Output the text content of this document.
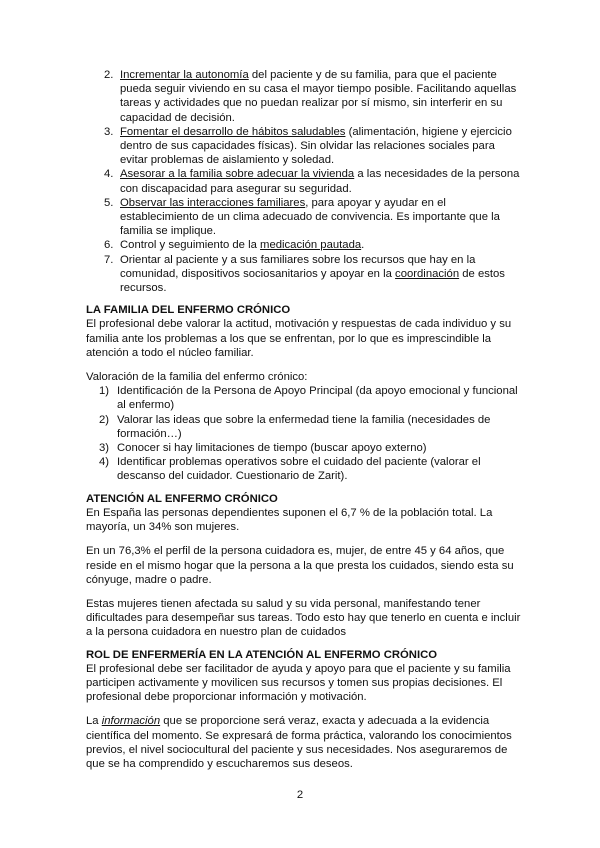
2. Incrementar la autonomía del paciente y de su familia, para que el paciente pueda seguir viviendo en su casa el mayor tiempo posible. Facilitando aquellas tareas y actividades que no puedan realizar por sí mismo, sin interferir en su capacidad de decisión.
3. Fomentar el desarrollo de hábitos saludables (alimentación, higiene y ejercicio dentro de sus capacidades físicas). Sin olvidar las relaciones sociales para evitar problemas de aislamiento y soledad.
4. Asesorar a la familia sobre adecuar la vivienda a las necesidades de la persona con discapacidad para asegurar su seguridad.
5. Observar las interacciones familiares, para apoyar y ayudar en el establecimiento de un clima adecuado de convivencia. Es importante que la familia se implique.
6. Control y seguimiento de la medicación pautada.
7. Orientar al paciente y a sus familiares sobre los recursos que hay en la comunidad, dispositivos sociosanitarios y apoyar en la coordinación de estos recursos.
LA FAMILIA DEL ENFERMO CRÓNICO

El profesional debe valorar la actitud, motivación y respuestas de cada individuo y su familia ante los problemas a los que se enfrentan, por lo que es imprescindible la atención a todo el núcleo familiar.

Valoración de la familia del enfermo crónico:

1) Identificación de la Persona de Apoyo Principal (da apoyo emocional y funcional al enfermo)
2) Valorar las ideas que sobre la enfermedad tiene la familia (necesidades de formación…)
3) Conocer si hay limitaciones de tiempo (buscar apoyo externo)
4) Identificar problemas operativos sobre el cuidado del paciente (valorar el descanso del cuidador. Cuestionario de Zarit).
ATENCIÓN AL ENFERMO CRÓNICO

En España las personas dependientes suponen el 6,7 % de la población total. La mayoría, un 34% son mujeres.

En un 76,3% el perfil de la persona cuidadora es, mujer, de entre 45 y 64 años, que reside en el mismo hogar que la persona a la que presta los cuidados, siendo esta su cónyuge, madre o padre.

Estas mujeres tienen afectada su salud y su vida personal, manifestando tener dificultades para desempeñar sus tareas. Todo esto hay que tenerlo en cuenta e incluir a la persona cuidadora en nuestro plan de cuidados

ROL DE ENFERMERÍA EN LA ATENCIÓN AL ENFERMO CRÓNICO

El profesional debe ser facilitador de ayuda y apoyo para que el paciente y su familia participen activamente y movilicen sus recursos y tomen sus propias decisiones. El profesional debe proporcionar información y motivación.

La información que se proporcione será veraz, exacta y adecuada a la evidencia científica del momento. Se expresará de forma práctica, valorando los conocimientos previos, el nivel sociocultural del paciente y sus necesidades. Nos aseguraremos de que se ha comprendido y escucharemos sus deseos.

2
